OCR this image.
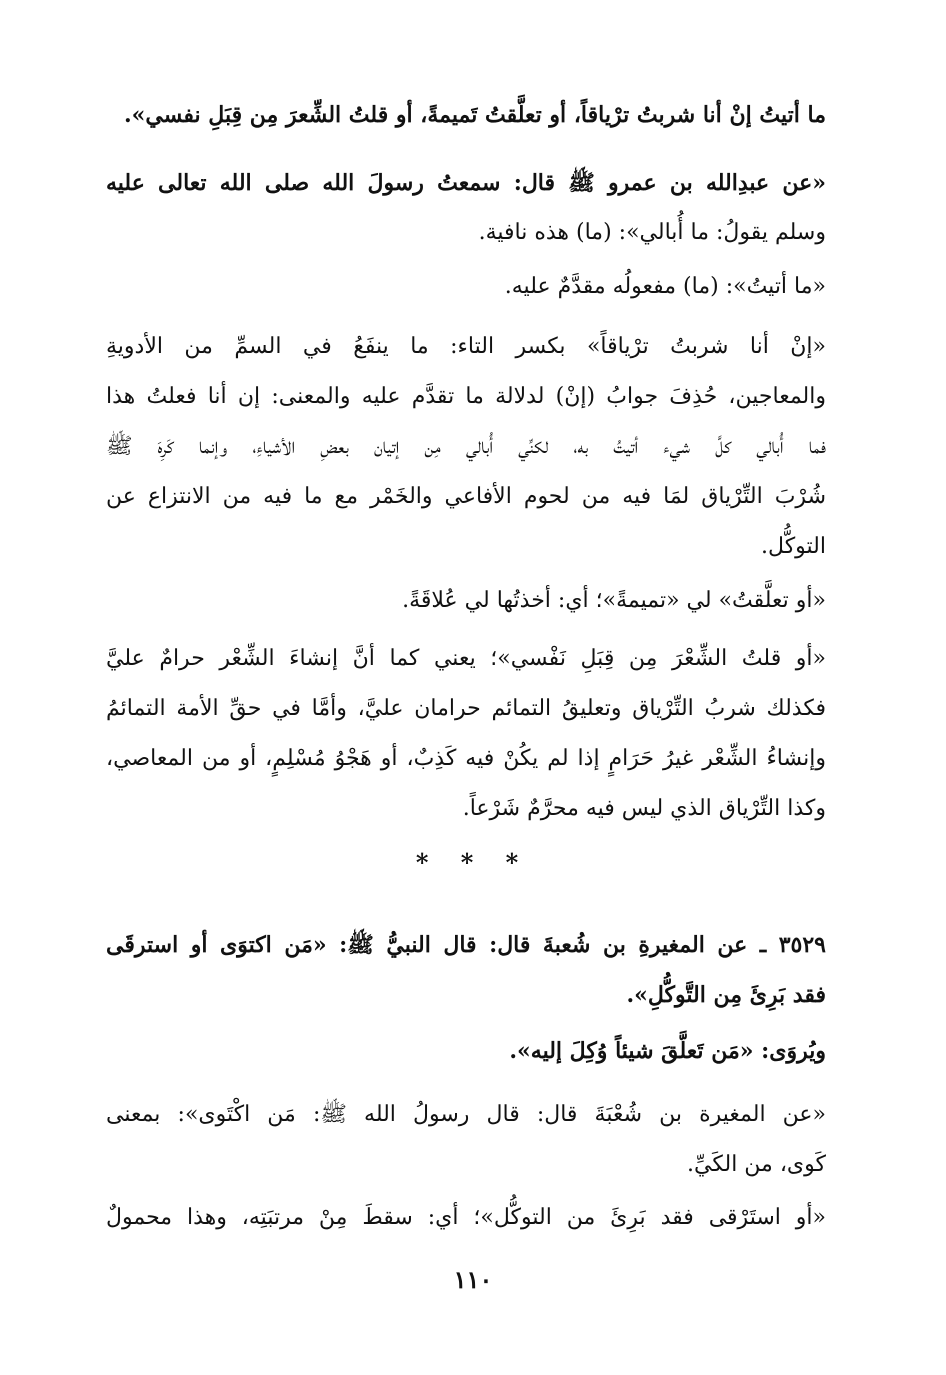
ما أتيتُ إنْ أنا شربتُ ترْياقاً، أو تعلَّقتُ تَميمةً، أو قلتُ الشِّعرَ مِن قِبَلِ نفسي».
«عن عبدِالله بن عمرو ﷺ قال: سمعتُ رسولَ الله صلى الله تعالى عليه
وسلم يقولُ: ما أُبالي»: (ما) هذه نافية.
«ما أتيتُ»: (ما) مفعولُه مقدَّمٌ عليه.
«إنْ أنا شربتُ ترْياقاً» بكسر التاء: ما ينفَعُ في السمِّ من الأدويةِ
والمعاجين، حُذِفَ جوابُ (إنْ) لدلالة ما تقدَّم عليه والمعنى: إن أنا فعلتُ هذا
فما أُبالي كلَّ شيء أتيتُ به، لكنِّي أُبالي مِن إتيان بعضِ الأشياءِ، وإنما كَرِهَ ﷺ
شُرْبَ التِّرْياق لمَا فيه من لحوم الأفاعي والخَمْر مع ما فيه من الانتزاع عن
التوكُّل.
«أو تعلَّقتُ» لي «تميمةً»؛ أي: أخذتُها لي عُلاقَةً.
«أو قلتُ الشِّعْرَ مِن قِبَلِ نَفْسي»؛ يعني كما أنَّ إنشاءَ الشِّعْر حرامٌ عليَّ
فكذلك شربُ التِّرْياق وتعليقُ التمائم حرامان عليَّ، وأمَّا في حقِّ الأمة التمائمُ
وإنشاءُ الشِّعْر غيرُ حَرَامٍ إذا لم يكُنْ فيه كَذِبٌ، أو هَجْوُ مُسْلِمٍ، أو من المعاصي،
وكذا التِّرْياق الذي ليس فيه محرَّمٌ شَرْعاً.
* * *
٣٥٢٩ ـ عن المغيرةِ بن شُعبةَ قال: قال النبيُّ ﷺ: «مَن اكتوَى أو استرقَى
فقد بَرِئَ مِن التَّوكُّلِ».
ويُروَى: «مَن تَعلَّقَ شيئاً وُكِلَ إليه».
«عن المغيرة بن شُعْبَةَ قال: قال رسولُ الله ﷺ: مَن اكْتَوى»: بمعنى
كَوى، من الكَيِّ.
«أو استَرْقى فقد بَرِئَ من التوكُّل»؛ أي: سقطَ مِنْ مرتبَتِه، وهذا محمولٌ
١١٠
